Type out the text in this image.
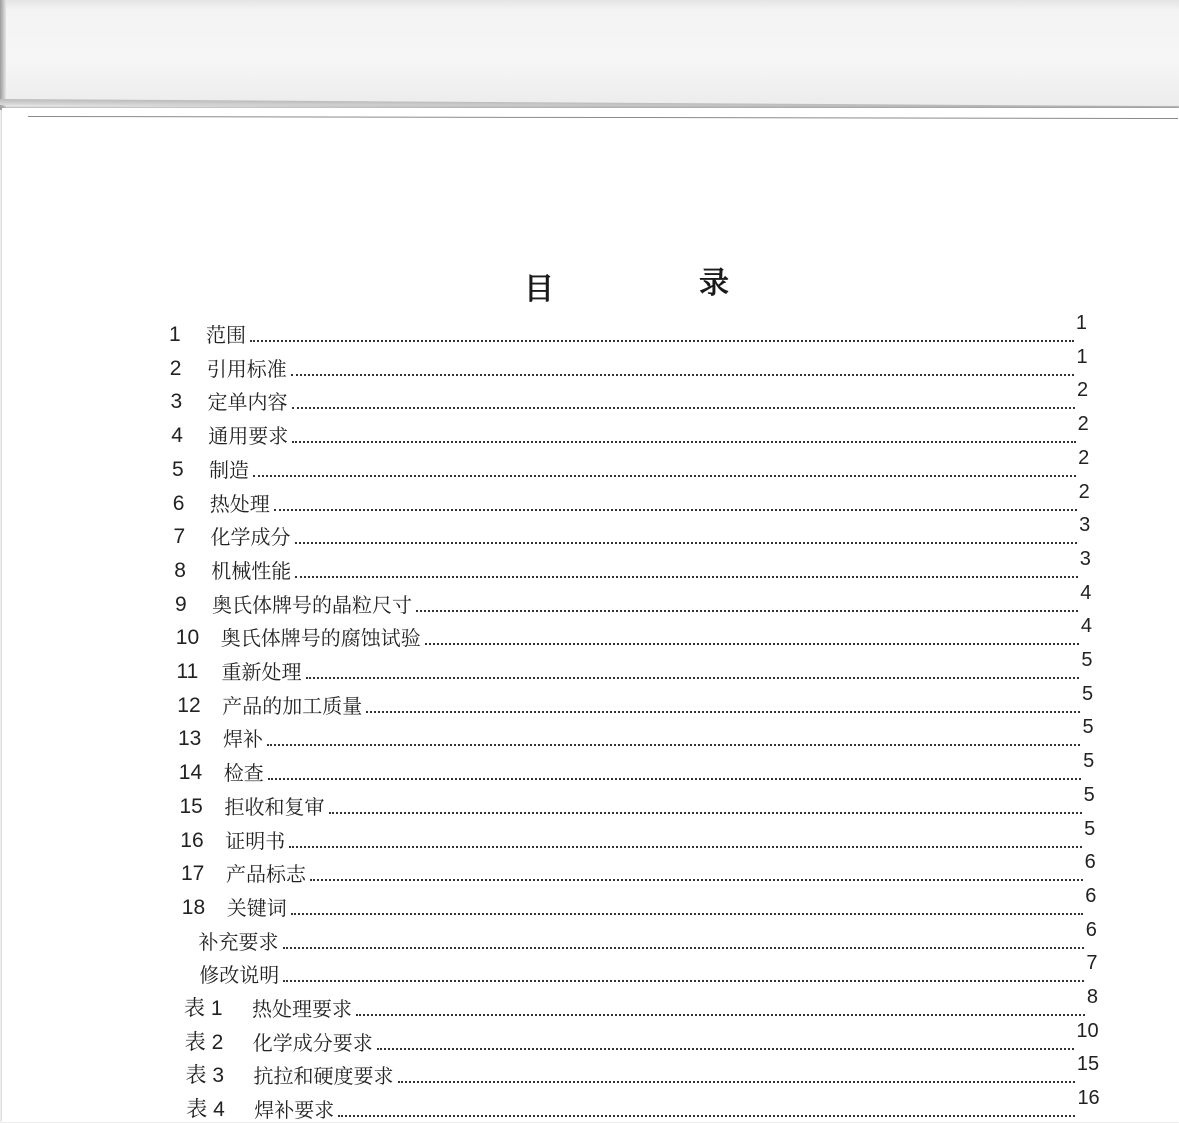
目	录
1	范围	1
2	引用标准	1
3	定单内容	2
4	通用要求	2
5	制造	2
6	热处理	2
7	化学成分	3
8	机械性能	3
9	奥氏体牌号的晶粒尺寸	4
10	奥氏体牌号的腐蚀试验	4
11	重新处理	5
12	产品的加工质量	5
13	焊补	5
14	检查	5
15	拒收和复审	5
16	证明书	5
17	产品标志	6
18	关键词	6
补充要求	6
修改说明	7
表 1	热处理要求	8
表 2	化学成分要求	10
表 3	抗拉和硬度要求	15
表 4	焊补要求	16
